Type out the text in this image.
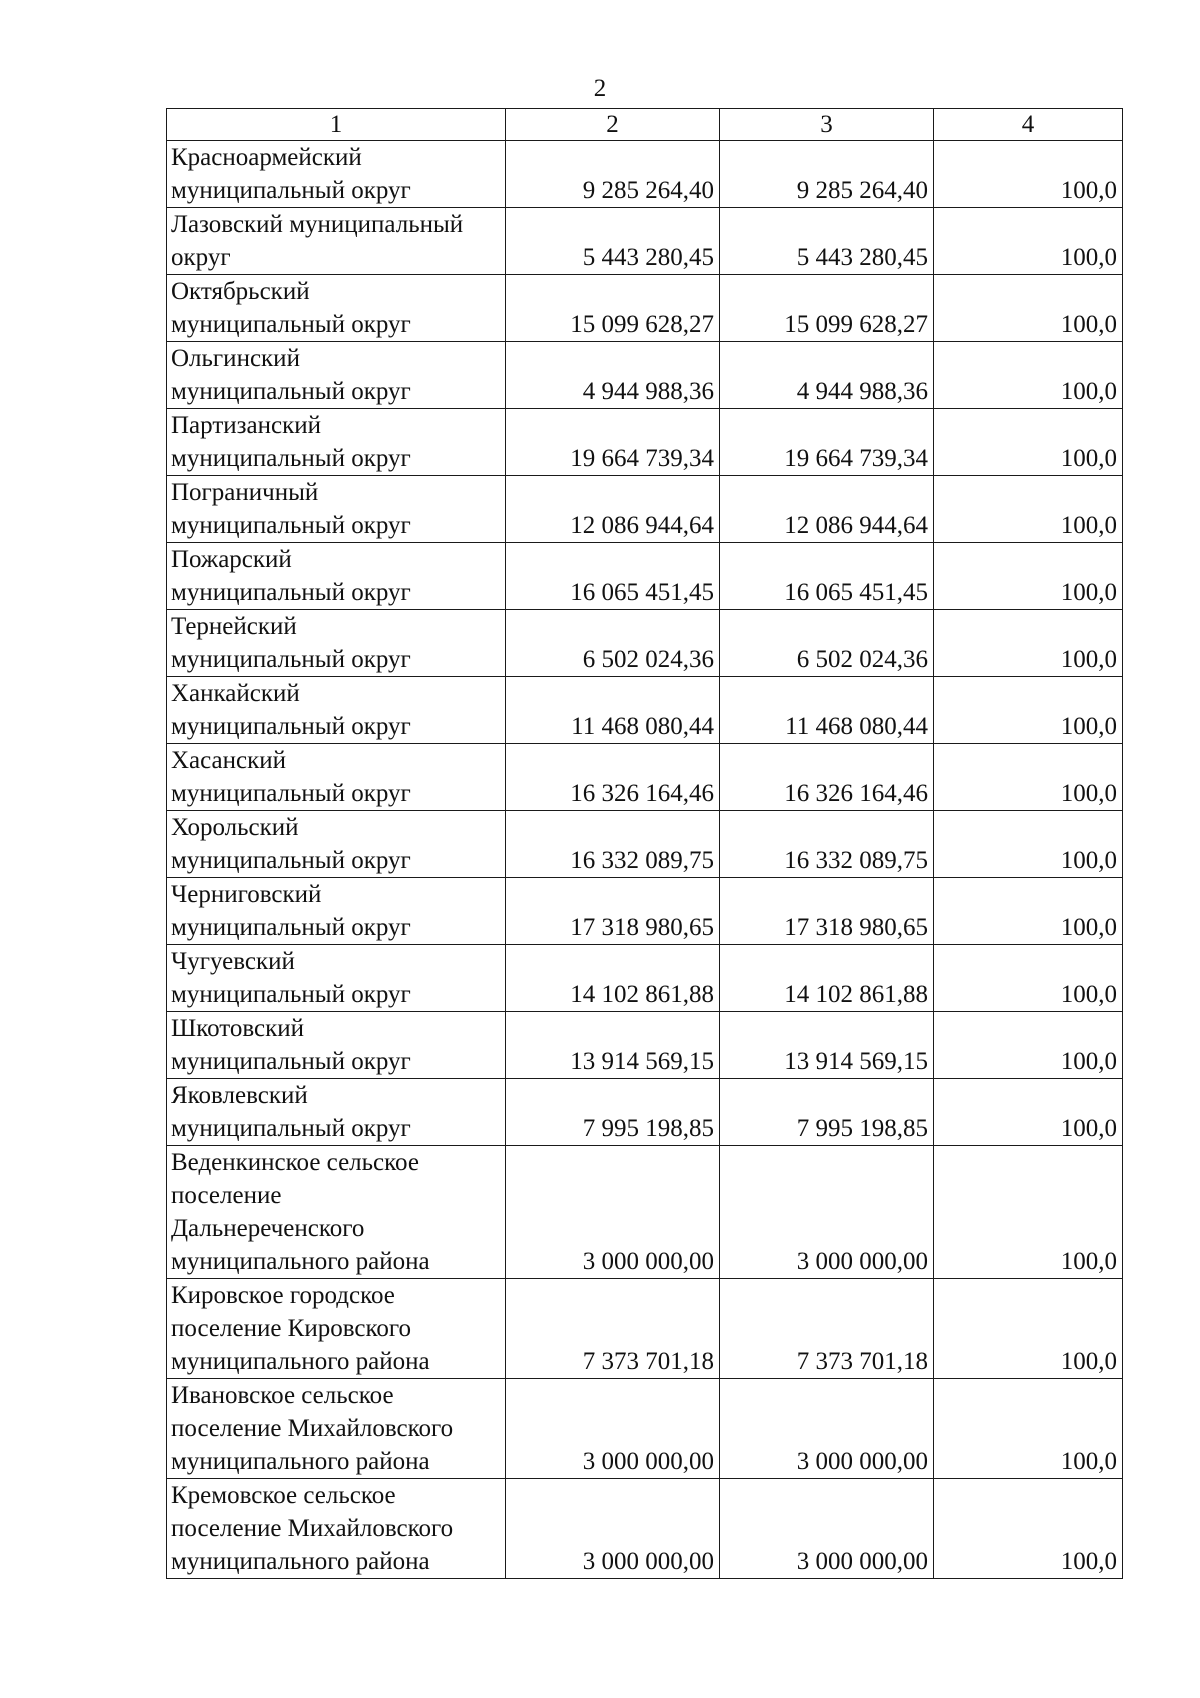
2
1	2	3	4
Красноармейский
муниципальный округ	9 285 264,40	9 285 264,40	100,0
Лазовский муниципальный
округ	5 443 280,45	5 443 280,45	100,0
Октябрьский
муниципальный округ	15 099 628,27	15 099 628,27	100,0
Ольгинский
муниципальный округ	4 944 988,36	4 944 988,36	100,0
Партизанский
муниципальный округ	19 664 739,34	19 664 739,34	100,0
Пограничный
муниципальный округ	12 086 944,64	12 086 944,64	100,0
Пожарский
муниципальный округ	16 065 451,45	16 065 451,45	100,0
Тернейский
муниципальный округ	6 502 024,36	6 502 024,36	100,0
Ханкайский
муниципальный округ	11 468 080,44	11 468 080,44	100,0
Хасанский
муниципальный округ	16 326 164,46	16 326 164,46	100,0
Хорольский
муниципальный округ	16 332 089,75	16 332 089,75	100,0
Черниговский
муниципальный округ	17 318 980,65	17 318 980,65	100,0
Чугуевский
муниципальный округ	14 102 861,88	14 102 861,88	100,0
Шкотовский
муниципальный округ	13 914 569,15	13 914 569,15	100,0
Яковлевский
муниципальный округ	7 995 198,85	7 995 198,85	100,0
Веденкинское сельское
поселение
Дальнереченского
муниципального района	3 000 000,00	3 000 000,00	100,0
Кировское городское
поселение Кировского
муниципального района	7 373 701,18	7 373 701,18	100,0
Ивановское сельское
поселение Михайловского
муниципального района	3 000 000,00	3 000 000,00	100,0
Кремовское сельское
поселение Михайловского
муниципального района	3 000 000,00	3 000 000,00	100,0
